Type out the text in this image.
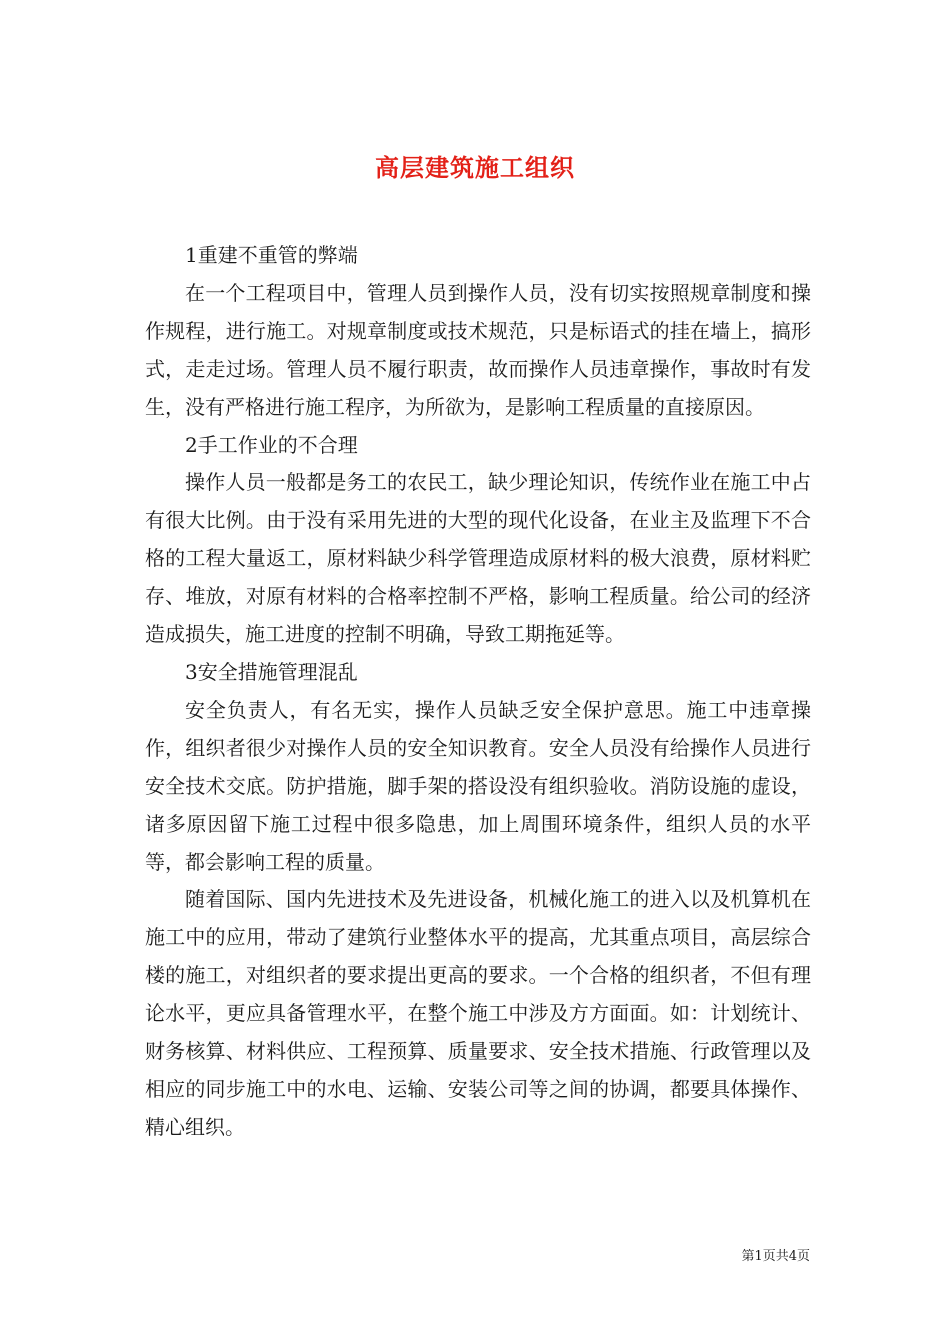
高层建筑施工组织

1重建不重管的弊端

在一个工程项目中，管理人员到操作人员，没有切实按照规章制度和操作规程，进行施工。对规章制度或技术规范，只是标语式的挂在墙上，搞形式，走走过场。管理人员不履行职责，故而操作人员违章操作，事故时有发生，没有严格进行施工程序，为所欲为，是影响工程质量的直接原因。

2手工作业的不合理

操作人员一般都是务工的农民工，缺少理论知识，传统作业在施工中占有很大比例。由于没有采用先进的大型的现代化设备，在业主及监理下不合格的工程大量返工，原材料缺少科学管理造成原材料的极大浪费，原材料贮存、堆放，对原有材料的合格率控制不严格，影响工程质量。给公司的经济造成损失，施工进度的控制不明确，导致工期拖延等。

3安全措施管理混乱

安全负责人，有名无实，操作人员缺乏安全保护意思。施工中违章操作，组织者很少对操作人员的安全知识教育。安全人员没有给操作人员进行安全技术交底。防护措施，脚手架的搭设没有组织验收。消防设施的虚设，诸多原因留下施工过程中很多隐患，加上周围环境条件，组织人员的水平等，都会影响工程的质量。

随着国际、国内先进技术及先进设备，机械化施工的进入以及机算机在施工中的应用，带动了建筑行业整体水平的提高，尤其重点项目，高层综合楼的施工，对组织者的要求提出更高的要求。一个合格的组织者，不但有理论水平，更应具备管理水平，在整个施工中涉及方方面面。如：计划统计、财务核算、材料供应、工程预算、质量要求、安全技术措施、行政管理以及相应的同步施工中的水电、运输、安装公司等之间的协调，都要具体操作、精心组织。

第1页共4页
